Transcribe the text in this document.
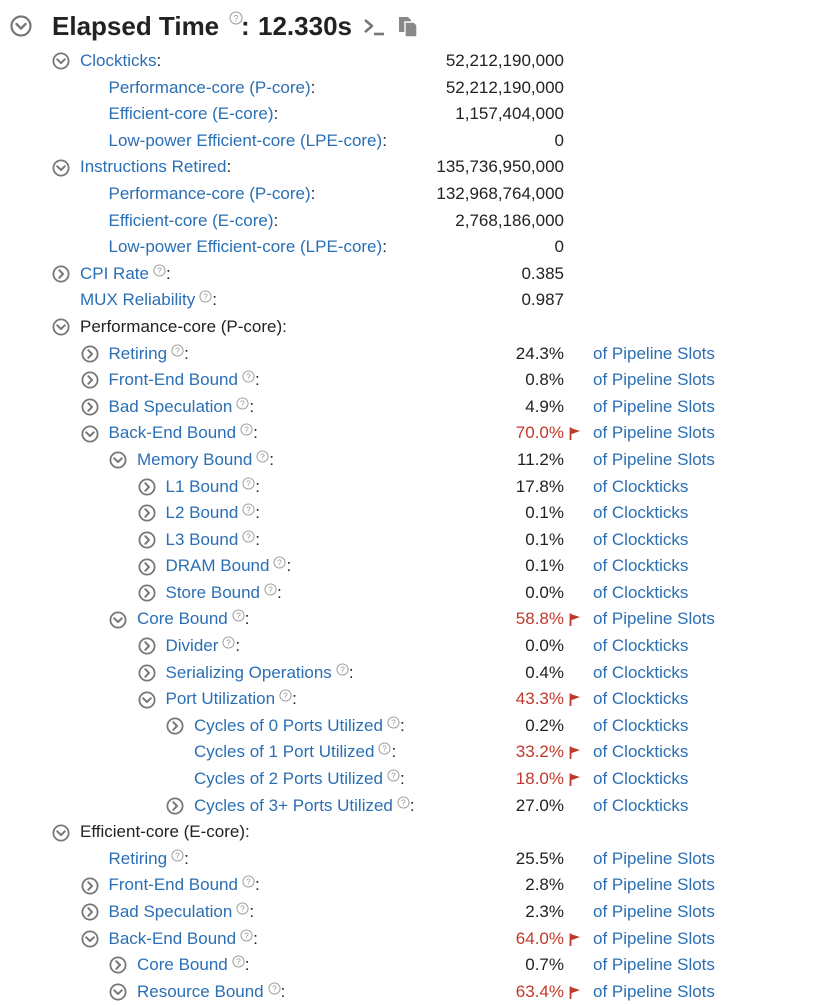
Elapsed Time ? : 12.330s
Clockticks:	52,212,190,000
Performance-core (P-core):	52,212,190,000
Efficient-core (E-core):	1,157,404,000
Low-power Efficient-core (LPE-core):	0
Instructions Retired:	135,736,950,000
Performance-core (P-core):	132,968,764,000
Efficient-core (E-core):	2,768,186,000
Low-power Efficient-core (LPE-core):	0
CPI Rate ? :	0.385
MUX Reliability ? :	0.987
Performance-core (P-core):
Retiring ? :	24.3% of Pipeline Slots
Front-End Bound ? :	0.8% of Pipeline Slots
Bad Speculation ? :	4.9% of Pipeline Slots
Back-End Bound ? :	70.0% of Pipeline Slots
Memory Bound ? :	11.2% of Pipeline Slots
L1 Bound ? :	17.8% of Clockticks
L2 Bound ? :	0.1% of Clockticks
L3 Bound ? :	0.1% of Clockticks
DRAM Bound ? :	0.1% of Clockticks
Store Bound ? :	0.0% of Clockticks
Core Bound ? :	58.8% of Pipeline Slots
Divider ? :	0.0% of Clockticks
Serializing Operations ? :	0.4% of Clockticks
Port Utilization ? :	43.3% of Clockticks
Cycles of 0 Ports Utilized ? :	0.2% of Clockticks
Cycles of 1 Port Utilized ? :	33.2% of Clockticks
Cycles of 2 Ports Utilized ? :	18.0% of Clockticks
Cycles of 3+ Ports Utilized ? :	27.0% of Clockticks
Efficient-core (E-core):
Retiring ? :	25.5% of Pipeline Slots
Front-End Bound ? :	2.8% of Pipeline Slots
Bad Speculation ? :	2.3% of Pipeline Slots
Back-End Bound ? :	64.0% of Pipeline Slots
Core Bound ? :	0.7% of Pipeline Slots
Resource Bound ? :	63.4% of Pipeline Slots
